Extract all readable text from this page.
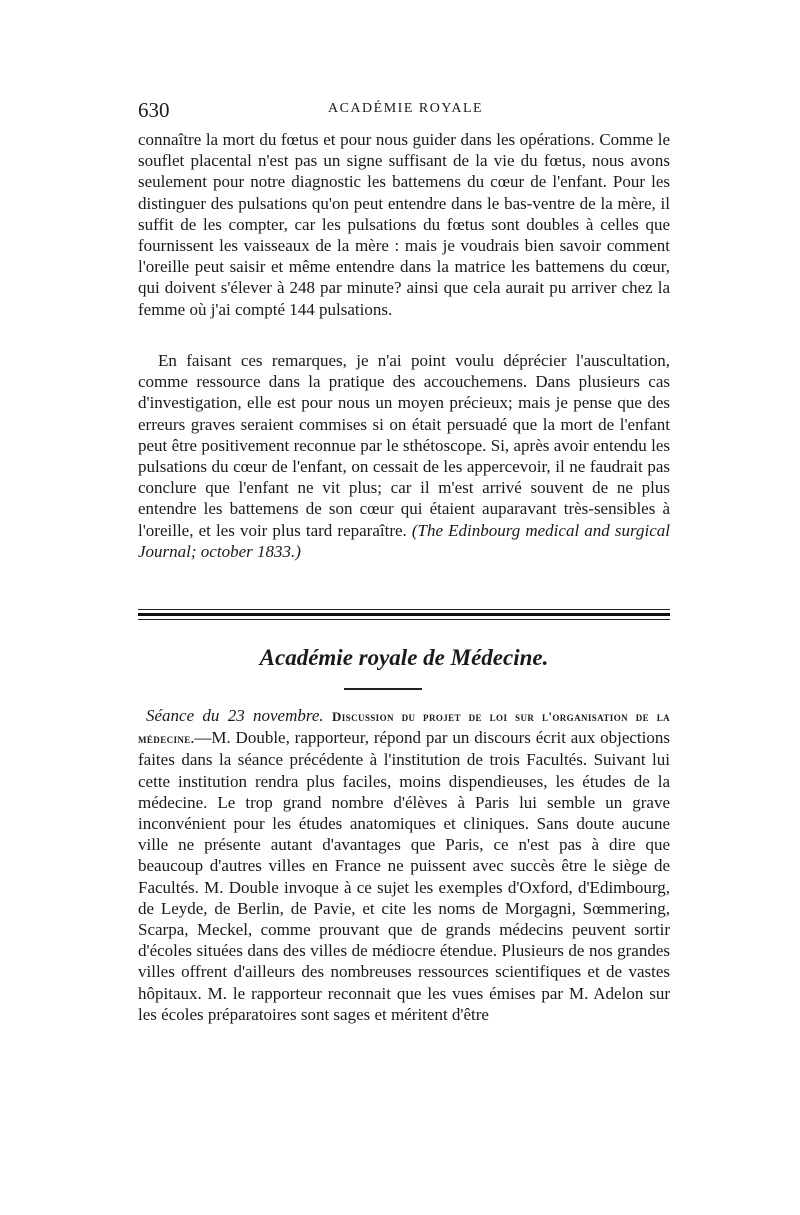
630	ACADÉMIE ROYALE

connaître la mort du fœtus et pour nous guider dans les opérations. Comme le souflet placental n'est pas un signe suffisant de la vie du fœtus, nous avons seulement pour notre diagnostic les battemens du cœur de l'enfant. Pour les distinguer des pulsations qu'on peut entendre dans le bas-ventre de la mère, il suffit de les compter, car les pulsations du fœtus sont doubles à celles que fournissent les vaisseaux de la mère : mais je voudrais bien savoir comment l'oreille peut saisir et même entendre dans la matrice les battemens du cœur, qui doivent s'élever à 248 par minute? ainsi que cela aurait pu arriver chez la femme où j'ai compté 144 pulsations.

En faisant ces remarques, je n'ai point voulu déprécier l'auscultation, comme ressource dans la pratique des accouchemens. Dans plusieurs cas d'investigation, elle est pour nous un moyen précieux; mais je pense que des erreurs graves seraient commises si on était persuadé que la mort de l'enfant peut être positivement reconnue par le sthétoscope. Si, après avoir entendu les pulsations du cœur de l'enfant, on cessait de les appercevoir, il ne faudrait pas conclure que l'enfant ne vit plus; car il m'est arrivé souvent de ne plus entendre les battemens de son cœur qui étaient auparavant très-sensibles à l'oreille, et les voir plus tard reparaître. (The Edinbourg medical and surgical Journal; october 1833.)

Académie royale de Médecine.

Séance du 23 novembre. Discussion du projet de loi sur l'organisation de la médecine.—M. Double, rapporteur, répond par un discours écrit aux objections faites dans la séance précédente à l'institution de trois Facultés. Suivant lui cette institution rendra plus faciles, moins dispendieuses, les études de la médecine. Le trop grand nombre d'élèves à Paris lui semble un grave inconvénient pour les études anatomiques et cliniques. Sans doute aucune ville ne présente autant d'avantages que Paris, ce n'est pas à dire que beaucoup d'autres villes en France ne puissent avec succès être le siège de Facultés. M. Double invoque à ce sujet les exemples d'Oxford, d'Edimbourg, de Leyde, de Berlin, de Pavie, et cite les noms de Morgagni, Sœmmering, Scarpa, Meckel, comme prouvant que de grands médecins peuvent sortir d'écoles situées dans des villes de médiocre étendue. Plusieurs de nos grandes villes offrent d'ailleurs des nombreuses ressources scientifiques et de vastes hôpitaux. M. le rapporteur reconnait que les vues émises par M. Adelon sur les écoles préparatoires sont sages et méritent d'être
